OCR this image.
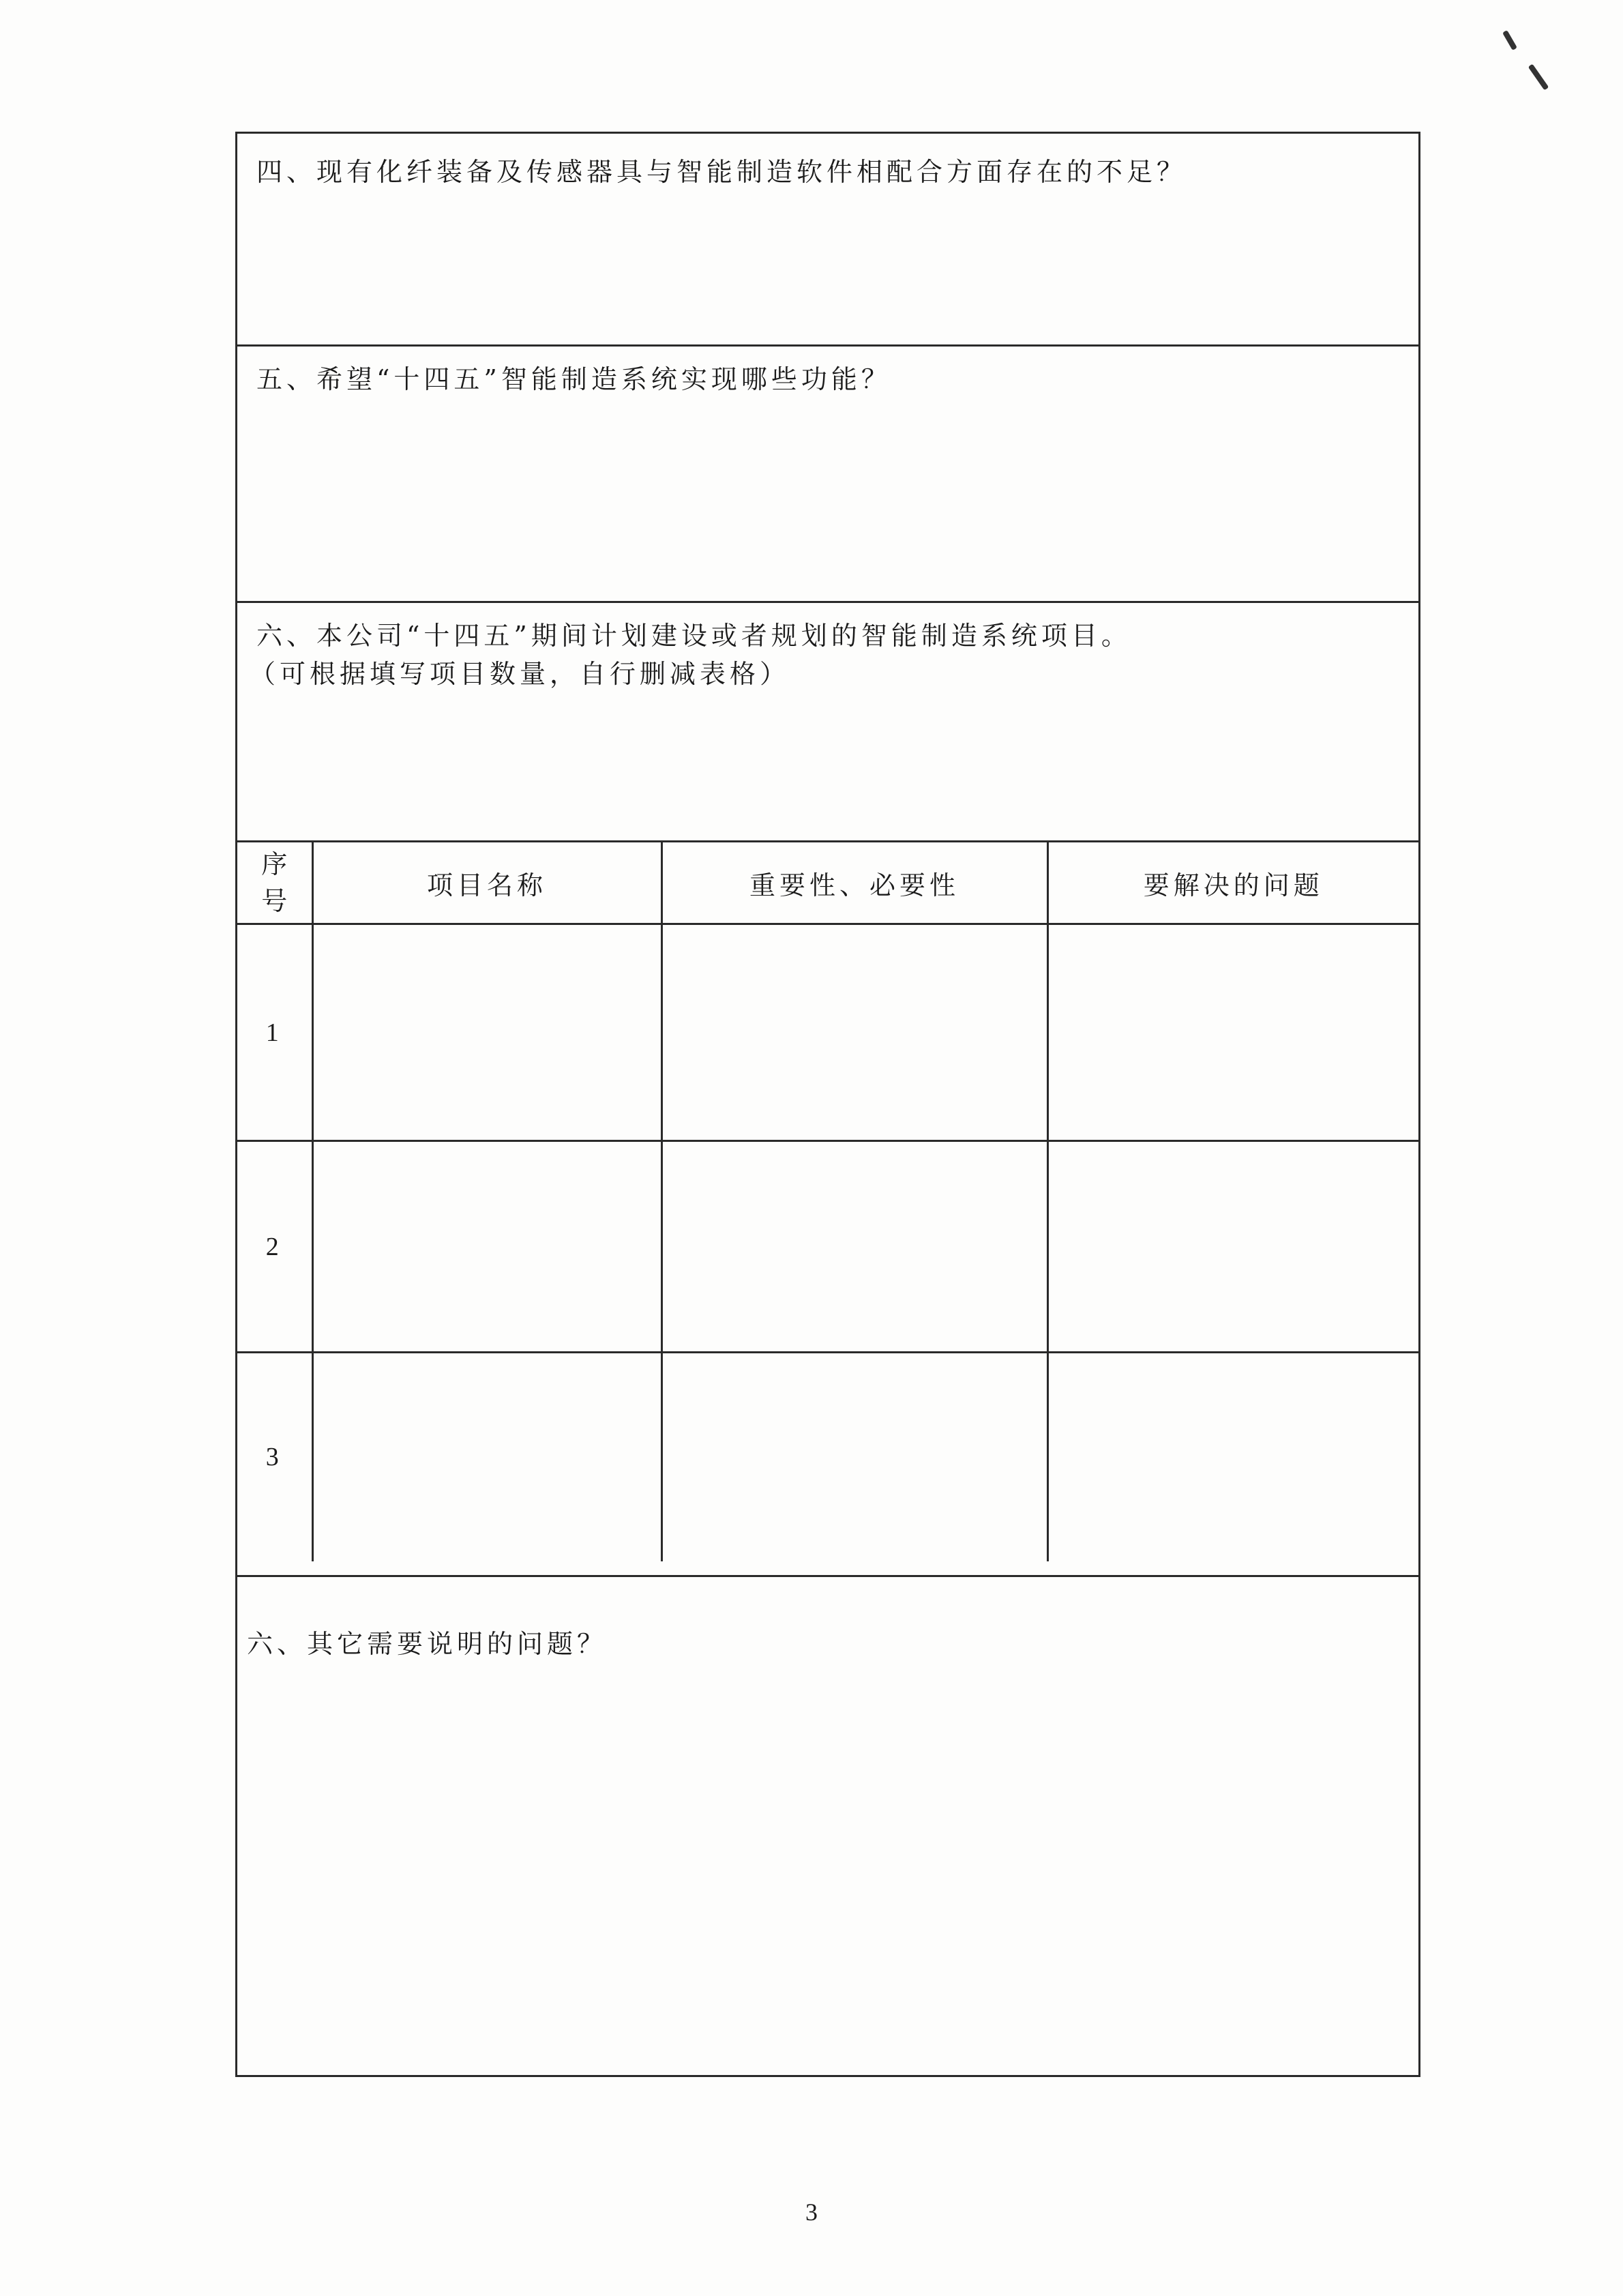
四、现有化纤装备及传感器具与智能制造软件相配合方面存在的不足？
五、希望“十四五”智能制造系统实现哪些功能？
六、本公司“十四五”期间计划建设或者规划的智能制造系统项目。
（可根据填写项目数量，自行删减表格）
序号	项目名称	重要性、必要性	要解决的问题
1			
2			
3			
六、其它需要说明的问题？
3
